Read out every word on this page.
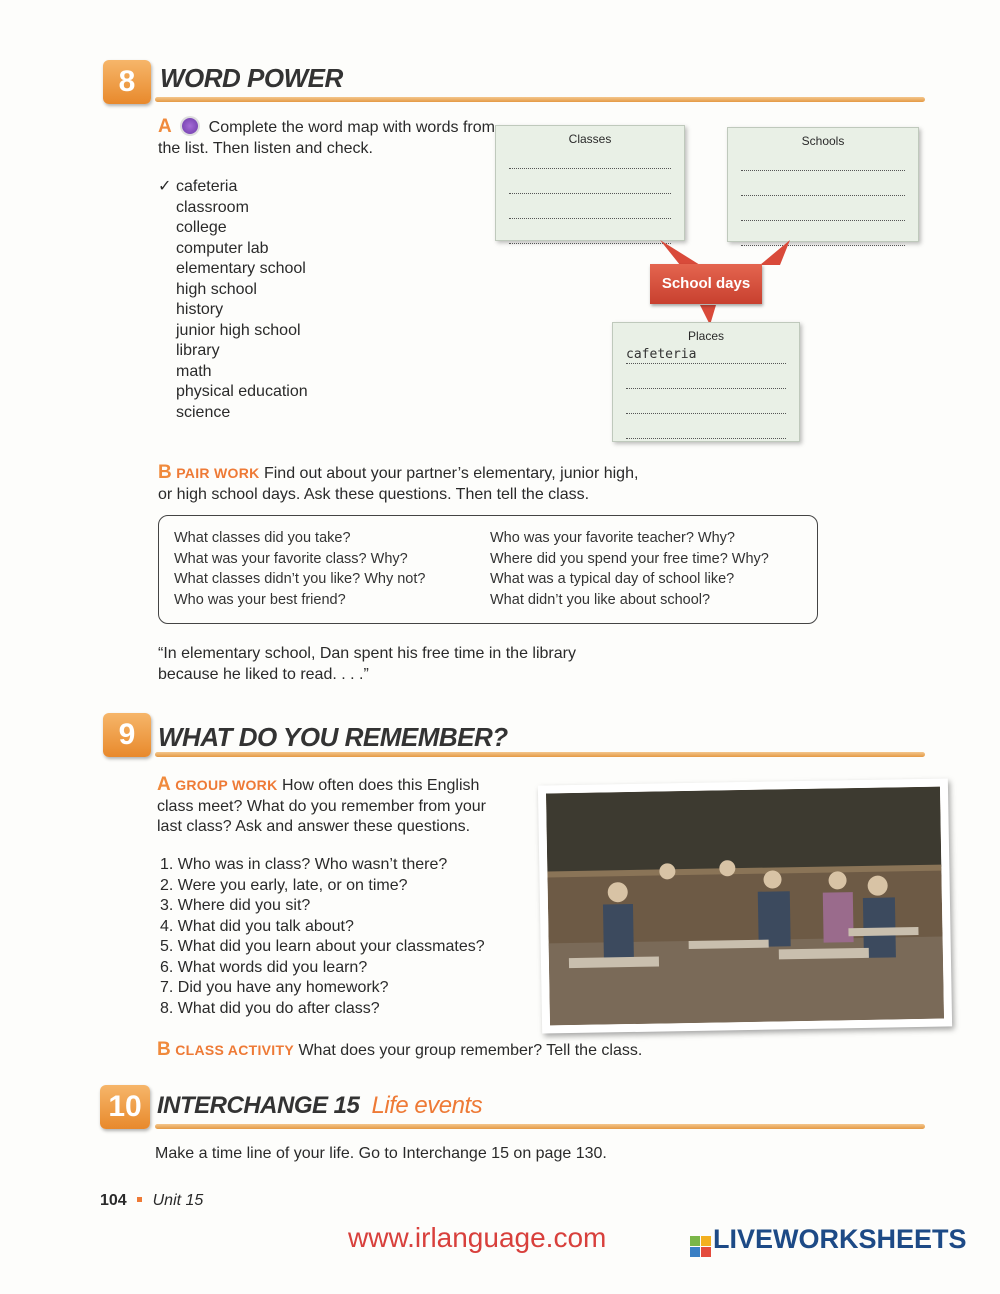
8 WORD POWER
A Complete the word map with words from the list. Then listen and check.
✓ cafeteria
classroom
college
computer lab
elementary school
high school
history
junior high school
library
math
physical education
science
Classes	Schools
School days
Places
cafeteria
B PAIR WORK Find out about your partner’s elementary, junior high,
or high school days. Ask these questions. Then tell the class.
What classes did you take?
What was your favorite class? Why?
What classes didn’t you like? Why not?
Who was your best friend?
Who was your favorite teacher? Why?
Where did you spend your free time? Why?
What was a typical day of school like?
What didn’t you like about school?
“In elementary school, Dan spent his free time in the library
because he liked to read. . . .”
9 WHAT DO YOU REMEMBER?
A GROUP WORK How often does this English
class meet? What do you remember from your
last class? Ask and answer these questions.
1. Who was in class? Who wasn’t there?
2. Were you early, late, or on time?
3. Where did you sit?
4. What did you talk about?
5. What did you learn about your classmates?
6. What words did you learn?
7. Did you have any homework?
8. What did you do after class?
B CLASS ACTIVITY What does your group remember? Tell the class.
10 INTERCHANGE 15 Life events
Make a time line of your life. Go to Interchange 15 on page 130.
104 Unit 15
www.irlanguage.com	LIVEWORKSHEETS
